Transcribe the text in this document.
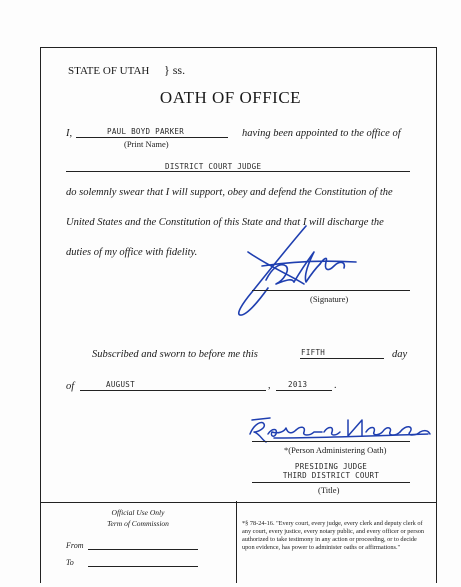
STATE OF UTAH } ss.
OATH OF OFFICE
I,	PAUL BOYD PARKER	having been appointed to the office of
(Print Name)
DISTRICT COURT JUDGE
do solemnly swear that I will support, obey and defend the Constitution of the
United States and the Constitution of this State and that I will discharge the
duties of my office with fidelity.
(Signature)
Subscribed and sworn to before me this	FIFTH	day
of	AUGUST	, 2013	.
*(Person Administering Oath)
PRESIDING JUDGE
THIRD DISTRICT COURT
(Title)
Official Use Only
Term of Commission
From
To
*§ 78-24-16. "Every court, every judge, every clerk and deputy clerk of any court, every justice, every notary public, and every officer or person authorized to take testimony in any action or proceeding, or to decide upon evidence, has power to administer oaths or affirmations."
